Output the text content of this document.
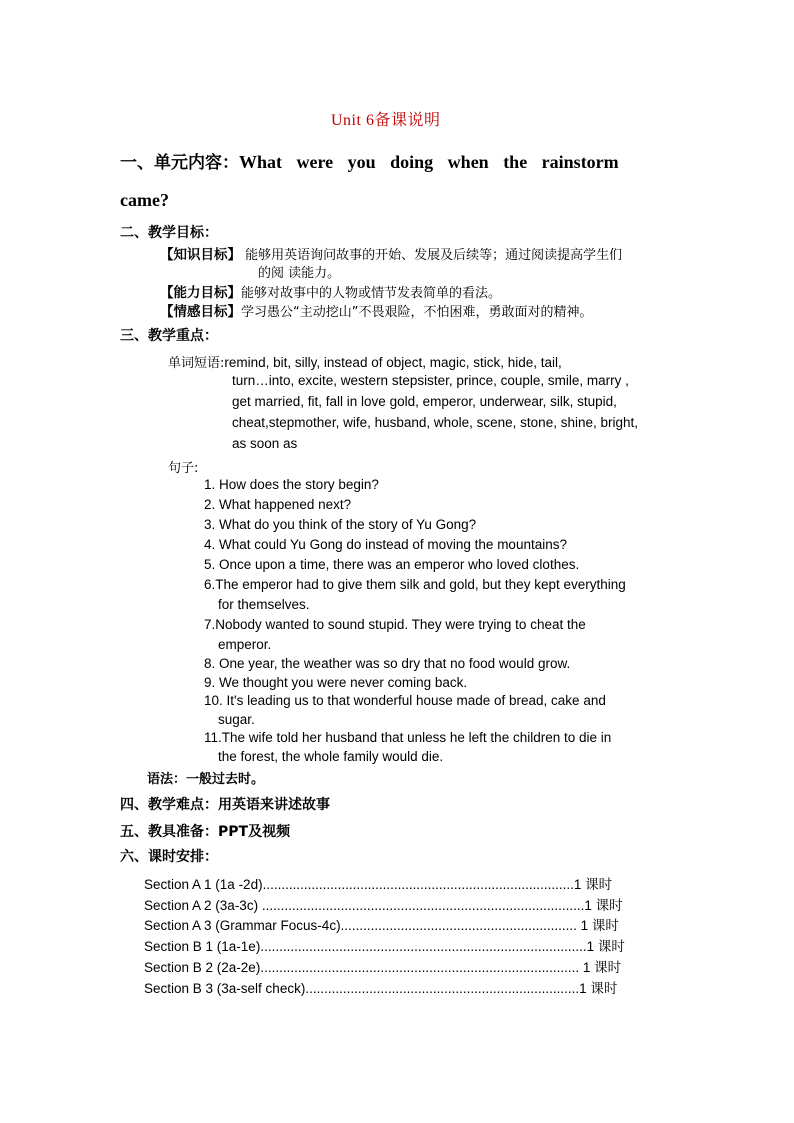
Unit 6备课说明
一、单元内容：What were you doing when the rainstorm
came?
二、教学目标：
【知识目标】 能够用英语询问故事的开始、发展及后续等；通过阅读提高学生们
的阅 读能力。
【能力目标】能够对故事中的人物或情节发表简单的看法。
【情感目标】学习愚公“主动挖山”不畏艰险，不怕困难，勇敢面对的精神。
三、教学重点：
单词短语:remind, bit, silly, instead of object, magic, stick, hide, tail,
turn…into, excite, western stepsister, prince, couple, smile, marry ,
get married, fit, fall in love gold, emperor, underwear, silk, stupid,
cheat,stepmother, wife, husband, whole, scene, stone, shine, bright,
as soon as
句子:
1. How does the story begin?
2. What happened next?
3. What do you think of the story of Yu Gong?
4. What could Yu Gong do instead of moving the mountains?
5. Once upon a time, there was an emperor who loved clothes.
6.The emperor had to give them silk and gold, but they kept everything
for themselves.
7.Nobody wanted to sound stupid. They were trying to cheat the
emperor.
8. One year, the weather was so dry that no food would grow.
9. We thought you were never coming back.
10. It's leading us to that wonderful house made of bread, cake and
sugar.
11.The wife told her husband that unless he left the children to die in
the forest, the whole family would die.
语法：一般过去时。
四、教学难点：用英语来讲述故事
五、教具准备：PPT及视频
六、课时安排：
Section A 1 (1a -2d)...................................................................................1 课时
Section A 2 (3a-3c) ......................................................................................1 课时
Section A 3 (Grammar Focus-4c)............................................................... 1 课时
Section B 1 (1a-1e).......................................................................................1 课时
Section B 2 (2a-2e)..................................................................................... 1 课时
Section B 3 (3a-self check).........................................................................1 课时
